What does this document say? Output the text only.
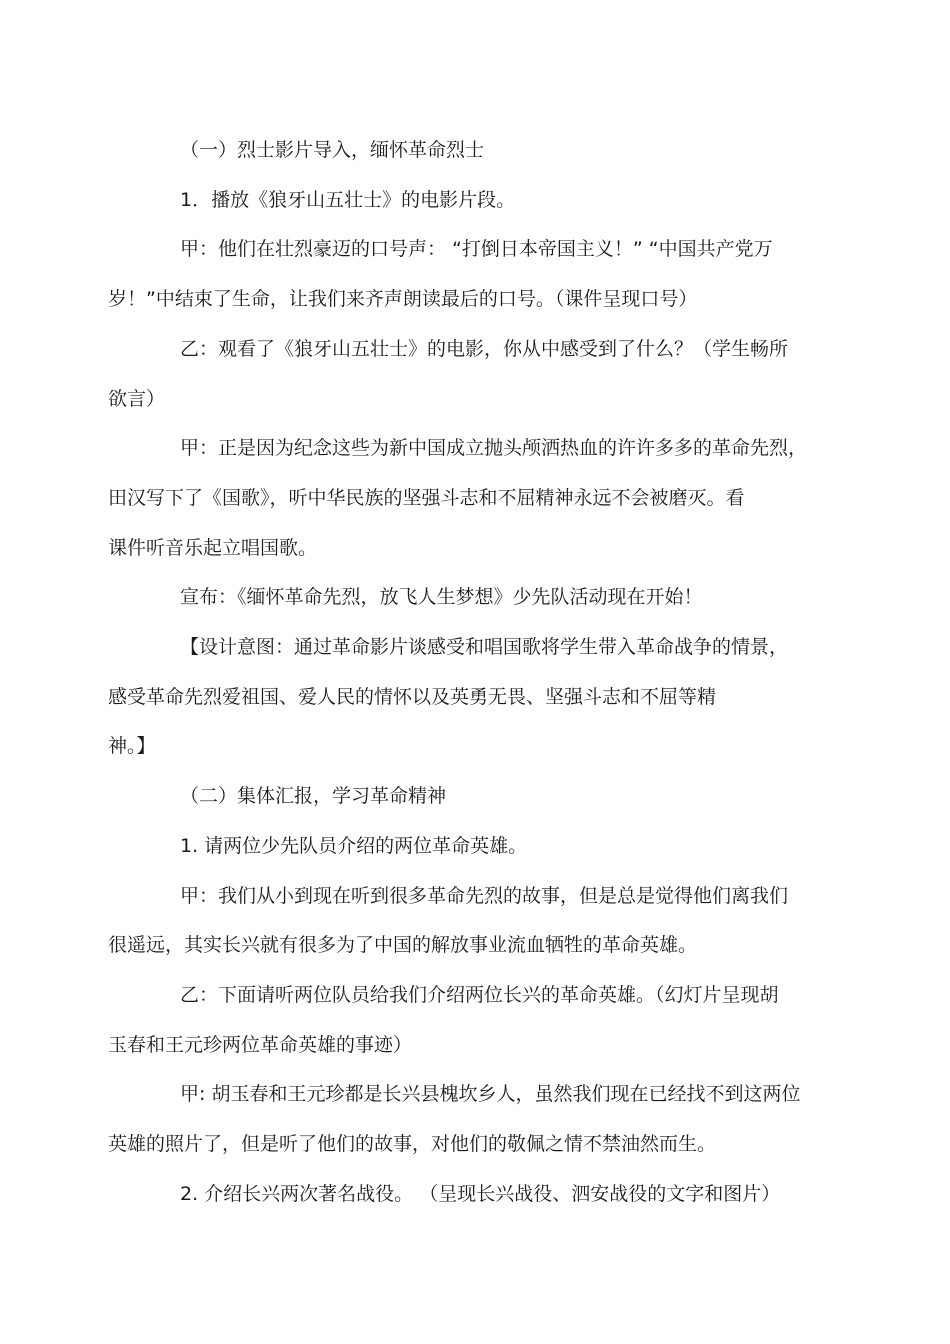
（一）烈士影片导入，缅怀革命烈士

1．播放《狼牙山五壮士》的电影片段。

甲：他们在壮烈豪迈的口号声： “打倒日本帝国主义！” “中国共产党万
岁！”中结束了生命，让我们来齐声朗读最后的口号。（课件呈现口号）

乙：观看了《狼牙山五壮士》的电影，你从中感受到了什么？（学生畅所
欲言）

甲：正是因为纪念这些为新中国成立抛头颅洒热血的许许多多的革命先烈，
田汉写下了《国歌》，听中华民族的坚强斗志和不屈精神永远不会被磨灭。看
课件听音乐起立唱国歌。

宣布：《缅怀革命先烈，放飞人生梦想》少先队活动现在开始！

【设计意图：通过革命影片谈感受和唱国歌将学生带入革命战争的情景，
感受革命先烈爱祖国、爱人民的情怀以及英勇无畏、坚强斗志和不屈等精
神。】

（二）集体汇报，学习革命精神

1. 请两位少先队员介绍的两位革命英雄。

甲：我们从小到现在听到很多革命先烈的故事，但是总是觉得他们离我们
很遥远，其实长兴就有很多为了中国的解放事业流血牺牲的革命英雄。

乙：下面请听两位队员给我们介绍两位长兴的革命英雄。（幻灯片呈现胡
玉春和王元珍两位革命英雄的事迹）

甲: 胡玉春和王元珍都是长兴县槐坎乡人，虽然我们现在已经找不到这两位
英雄的照片了，但是听了他们的故事，对他们的敬佩之情不禁油然而生。

2. 介绍长兴两次著名战役。 （呈现长兴战役、泗安战役的文字和图片）
